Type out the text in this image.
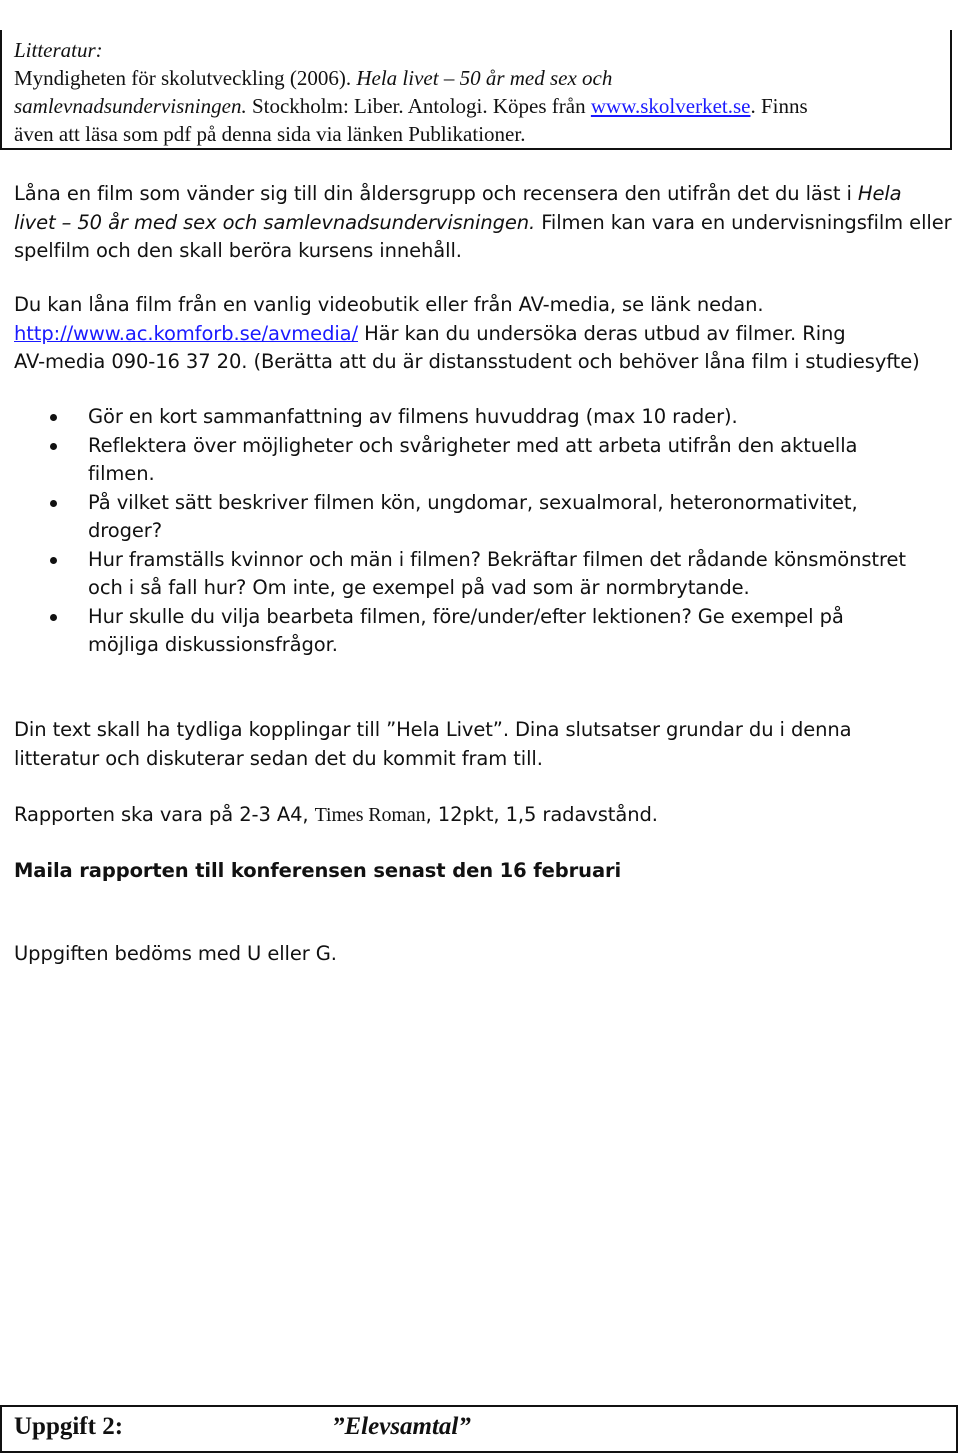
Litteratur:
Myndigheten för skolutveckling (2006). Hela livet – 50 år med sex och
samlevnadsundervisningen. Stockholm: Liber. Antologi. Köpes från www.skolverket.se. Finns
även att läsa som pdf på denna sida via länken Publikationer.
Låna en film som vänder sig till din åldersgrupp och recensera den utifrån det du läst i Hela
livet – 50 år med sex och samlevnadsundervisningen. Filmen kan vara en undervisningsfilm eller
spelfilm och den skall beröra kursens innehåll.
Du kan låna film från en vanlig videobutik eller från AV-media, se länk nedan.
http://www.ac.komforb.se/avmedia/ Här kan du undersöka deras utbud av filmer. Ring
AV-media 090-16 37 20. (Berätta att du är distansstudent och behöver låna film i studiesyfte)
Gör en kort sammanfattning av filmens huvuddrag (max 10 rader).
Reflektera över möjligheter och svårigheter med att arbeta utifrån den aktuella
filmen.
På vilket sätt beskriver filmen kön, ungdomar, sexualmoral, heteronormativitet,
droger?
Hur framställs kvinnor och män i filmen? Bekräftar filmen det rådande könsmönstret
och i så fall hur? Om inte, ge exempel på vad som är normbrytande.
Hur skulle du vilja bearbeta filmen, före/under/efter lektionen? Ge exempel på
möjliga diskussionsfrågor.
Din text skall ha tydliga kopplingar till ”Hela Livet”. Dina slutsatser grundar du i denna
litteratur och diskuterar sedan det du kommit fram till.
Rapporten ska vara på 2-3 A4, Times Roman, 12pkt, 1,5 radavstånd.
Maila rapporten till konferensen senast den 16 februari
Uppgiften bedöms med U eller G.
Uppgift 2:	”Elevsamtal”
